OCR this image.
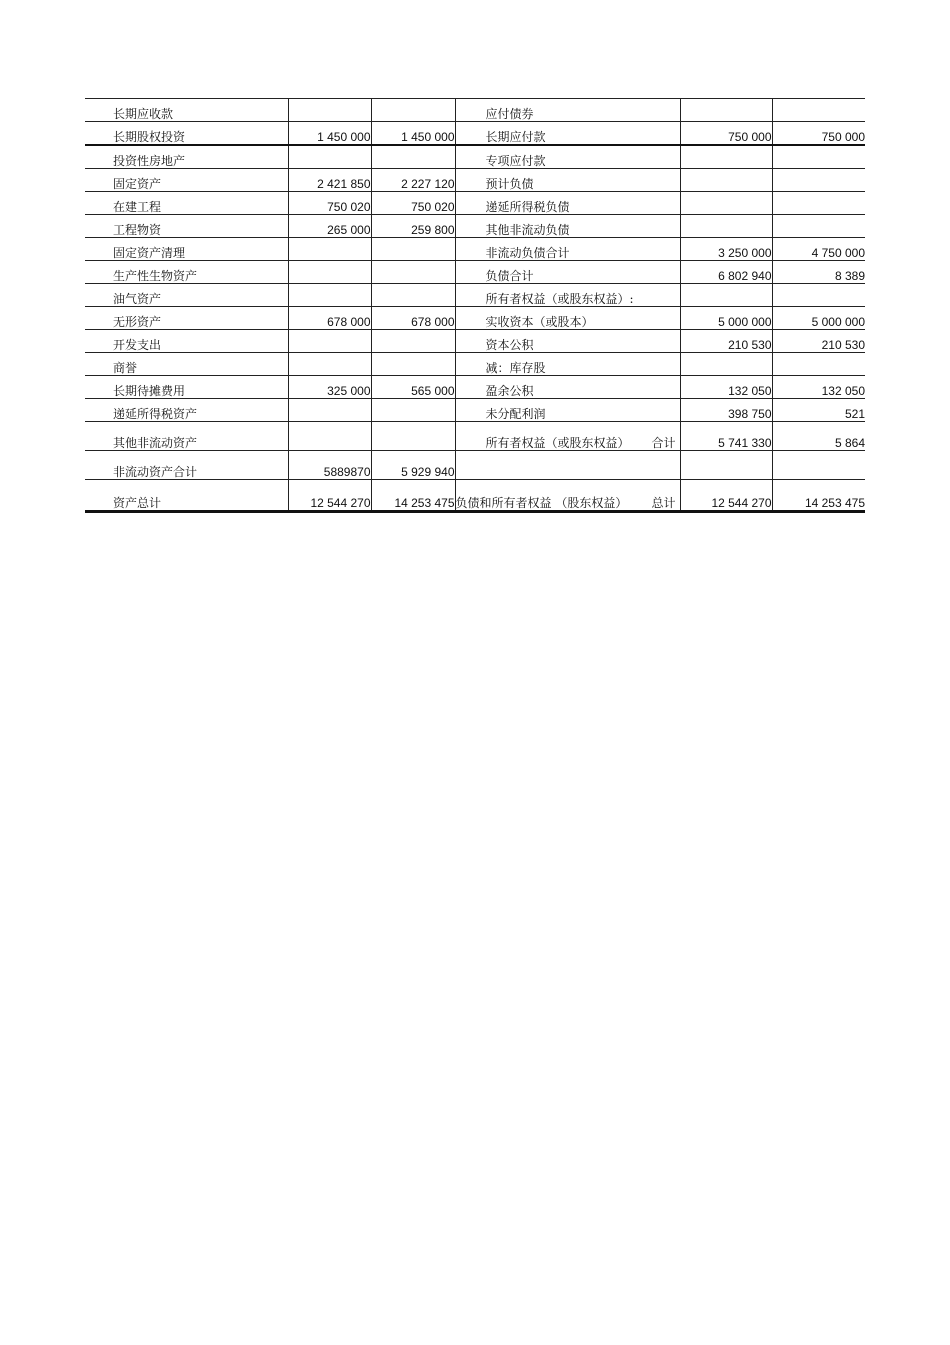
长期应收款			应付债券		
长期股权投资	1 450 000	1 450 000	长期应付款	750 000	750 000
投资性房地产			专项应付款		
固定资产	2 421 850	2 227 120	预计负债		
在建工程	750 020	750 020	递延所得税负债		
工程物资	265 000	259 800	其他非流动负债		
固定资产清理			非流动负债合计	3 250 000	4 750 000
生产性生物资产			负债合计	6 802 940	8 389
油气资产			所有者权益（或股东权益）:		
无形资产	678 000	678 000	实收资本（或股本）	5 000 000	5 000 000
开发支出			资本公积	210 530	210 530
商誉			减：库存股		
长期待摊费用	325 000	565 000	盈余公积	132 050	132 050
递延所得税资产			未分配利润	398 750	521
其他非流动资产			所有者权益（或股东权益） 合计	5 741 330	5 864
非流动资产合计	5889870	5 929 940			
资产总计	12 544 270	14 253 475	负债和所有者权益 （股东权益） 总计	12 544 270	14 253 475
